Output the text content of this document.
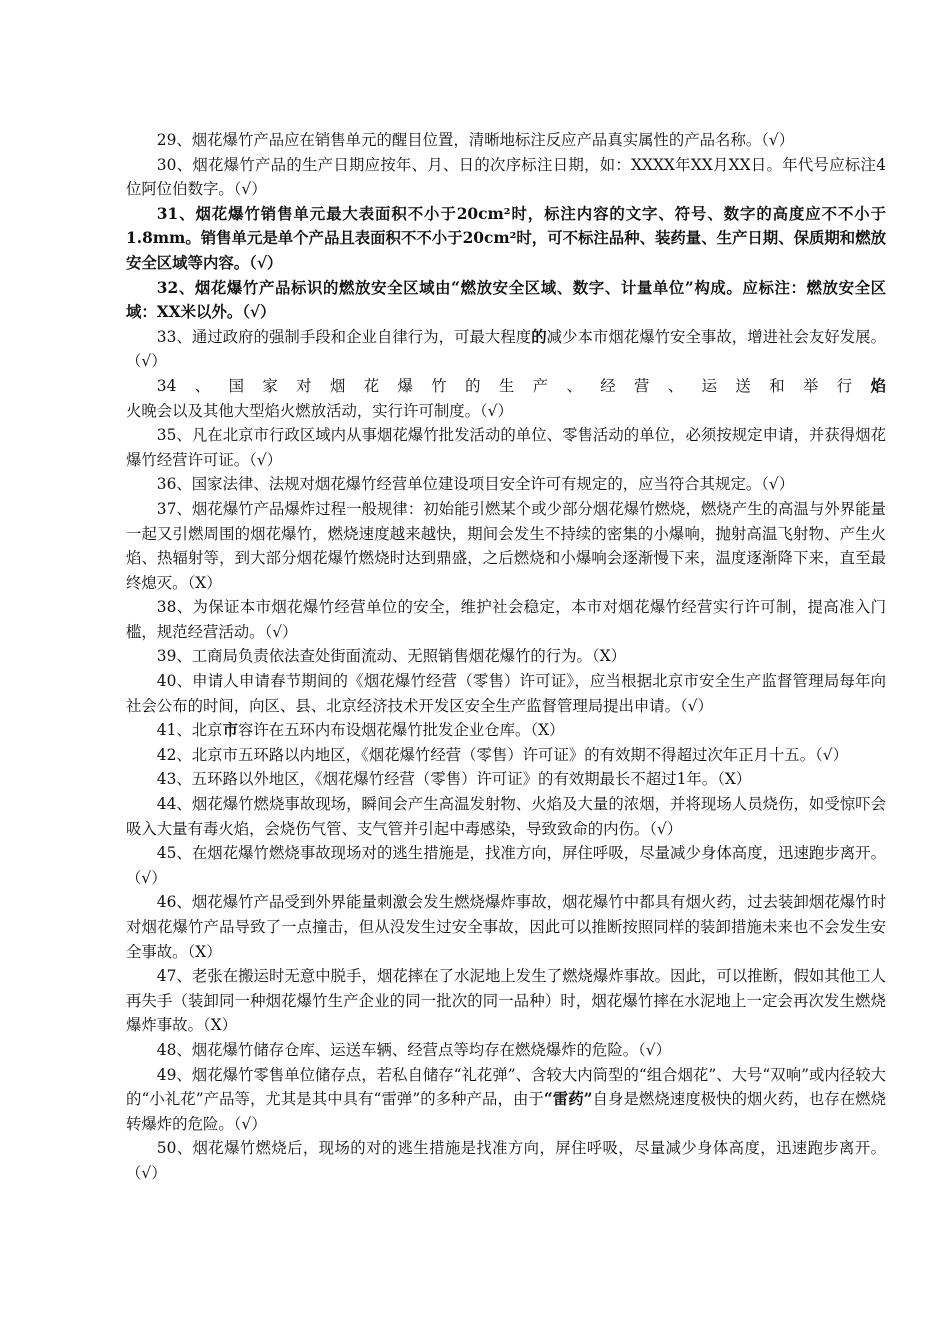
29、烟花爆竹产品应在销售单元的醒目位置，清晰地标注反应产品真实属性的产品名称。（√）

30、烟花爆竹产品的生产日期应按年、月、日的次序标注日期，如：XXXX年XX月XX日。年代号应标注4位阿位伯数字。（√）

31、烟花爆竹销售单元最大表面积不小于20cm²时，标注内容的文字、符号、数字的高度应不不小于1.8mm。销售单元是单个产品且表面积不不小于20cm²时，可不标注品种、装药量、生产日期、保质期和燃放安全区域等内容。（√）

32、烟花爆竹产品标识的燃放安全区域由“燃放安全区域、数字、计量单位”构成。应标注：燃放安全区域：XX米以外。（√）

33、通过政府的强制手段和企业自律行为，可最大程度的减少本市烟花爆竹安全事故，增进社会友好发展。（√）

34、国家对烟花爆竹的生产、经营、运送和举行焰火晚会以及其他大型焰火燃放活动，实行许可制度。（√）

35、凡在北京市行政区域内从事烟花爆竹批发活动的单位、零售活动的单位，必须按规定申请，并获得烟花爆竹经营许可证。（√）

36、国家法律、法规对烟花爆竹经营单位建设项目安全许可有规定的，应当符合其规定。（√）

37、烟花爆竹产品爆炸过程一般规律：初始能引燃某个或少部分烟花爆竹燃烧，燃烧产生的高温与外界能量一起又引燃周围的烟花爆竹，燃烧速度越来越快，期间会发生不持续的密集的小爆响，抛射高温飞射物、产生火焰、热辐射等，到大部分烟花爆竹燃烧时达到鼎盛，之后燃烧和小爆响会逐渐慢下来，温度逐渐降下来，直至最终熄灭。（X）

38、为保证本市烟花爆竹经营单位的安全，维护社会稳定，本市对烟花爆竹经营实行许可制，提高准入门槛，规范经营活动。（√）

39、工商局负责依法查处街面流动、无照销售烟花爆竹的行为。（X）

40、申请人申请春节期间的《烟花爆竹经营（零售）许可证》，应当根据北京市安全生产监督管理局每年向社会公布的时间，向区、县、北京经济技术开发区安全生产监督管理局提出申请。（√）

41、北京市容许在五环内布设烟花爆竹批发企业仓库。（X）

42、北京市五环路以内地区，《烟花爆竹经营（零售）许可证》的有效期不得超过次年正月十五。（√）

43、五环路以外地区，《烟花爆竹经营（零售）许可证》的有效期最长不超过1年。（X）

44、烟花爆竹燃烧事故现场，瞬间会产生高温发射物、火焰及大量的浓烟，并将现场人员烧伤，如受惊吓会吸入大量有毒火焰，会烧伤气管、支气管并引起中毒感染，导致致命的内伤。（√）

45、在烟花爆竹燃烧事故现场对的逃生措施是，找准方向，屏住呼吸，尽量减少身体高度，迅速跑步离开。（√）

46、烟花爆竹产品受到外界能量刺激会发生燃烧爆炸事故，烟花爆竹中都具有烟火药，过去装卸烟花爆竹时对烟花爆竹产品导致了一点撞击，但从没发生过安全事故，因此可以推断按照同样的装卸措施未来也不会发生安全事故。（X）

47、老张在搬运时无意中脱手，烟花摔在了水泥地上发生了燃烧爆炸事故。因此，可以推断，假如其他工人再失手（装卸同一种烟花爆竹生产企业的同一批次的同一品种）时，烟花爆竹摔在水泥地上一定会再次发生燃烧爆炸事故。（X）

48、烟花爆竹储存仓库、运送车辆、经营点等均存在燃烧爆炸的危险。（√）

49、烟花爆竹零售单位储存点，若私自储存“礼花弹”、含较大内筒型的“组合烟花”、大号“双响”或内径较大的“小礼花”产品等，尤其是其中具有“雷弹”的多种产品，由于“雷药”自身是燃烧速度极快的烟火药，也存在燃烧转爆炸的危险。（√）

50、烟花爆竹燃烧后，现场的对的逃生措施是找准方向，屏住呼吸，尽量减少身体高度，迅速跑步离开。（√）
